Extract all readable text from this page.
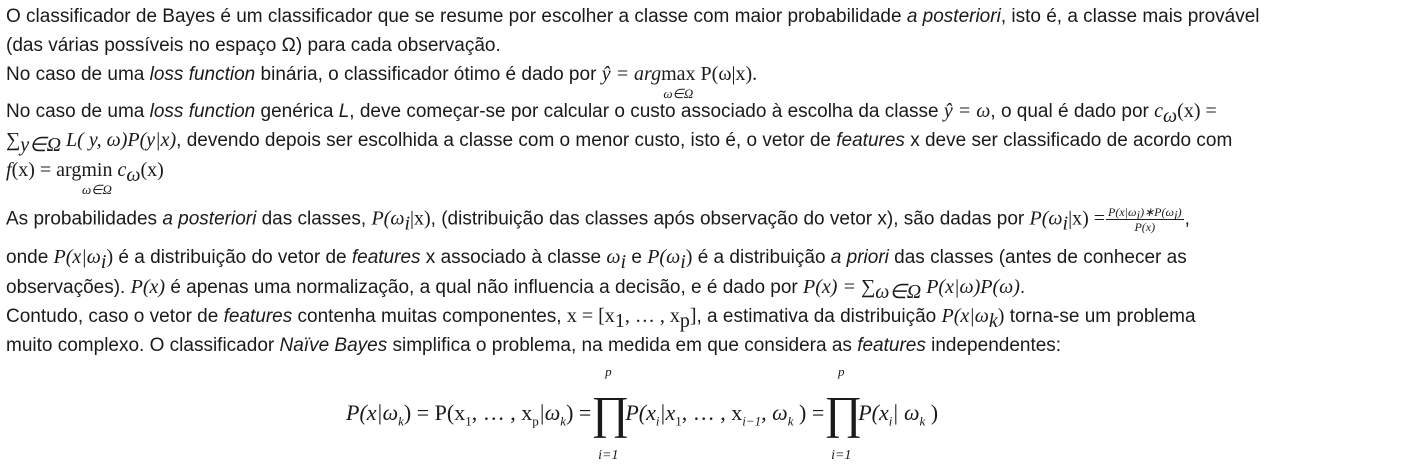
O classificador de Bayes é um classificador que se resume por escolher a classe com maior probabilidade a posteriori, isto é, a classe mais provável
(das várias possíveis no espaço Ω) para cada observação.
No caso de uma loss function binária, o classificador ótimo é dado por ŷ = argmax
ω∈Ω
P(ω|x).
No caso de uma loss function genérica L, deve começar-se por calcular o custo associado à escolha da classe ŷ = ω, o qual é dado por $c_\omega(x)$ =
$\sum_{y\in\Omega}$ L( y, ω)P(y|x), devendo depois ser escolhida a classe com o menor custo, isto é, o vetor de features x deve ser classificado de acordo com
f(x) = argmin
ω∈Ω
$c_\omega(x)$
As probabilidades a posteriori das classes, $P(\omega_i|x)$, (distribuição das classes após observação do vetor x), são dadas por $P(\omega_i|x) = \frac{P(x|\omega_i)∗P(\omega_i)}{P(x)}$ ,
onde $P(x|\omega_i)$ é a distribuição do vetor de features x associado à classe $\omega_i$ e $P(\omega_i)$ é a distribuição a priori das classes (antes de conhecer as
observações). P(x) é apenas uma normalização, a qual não influencia a decisão, e é dado por $P(x) = \sum_{\omega\in\Omega}$ P(x|ω)P(ω).
Contudo, caso o vetor de features contenha muitas componentes, $x = [x_1$, … , $x_p$], a estimativa da distribuição $P(x|\omega_k)$ torna-se um problema
muito complexo. O classificador Naïve Bayes simplifica o problema, na medida em que considera as features independentes:
$P(x|\omega_k) = P(x_1$, … , $x_p|\omega_k$) =
p
∏
i=1
$P(x_i|x_1$, … , $x_{i-1}$, $\omega_k$ ) =
p
∏
i=1
$P(x_i|$ $\omega_k$ )
